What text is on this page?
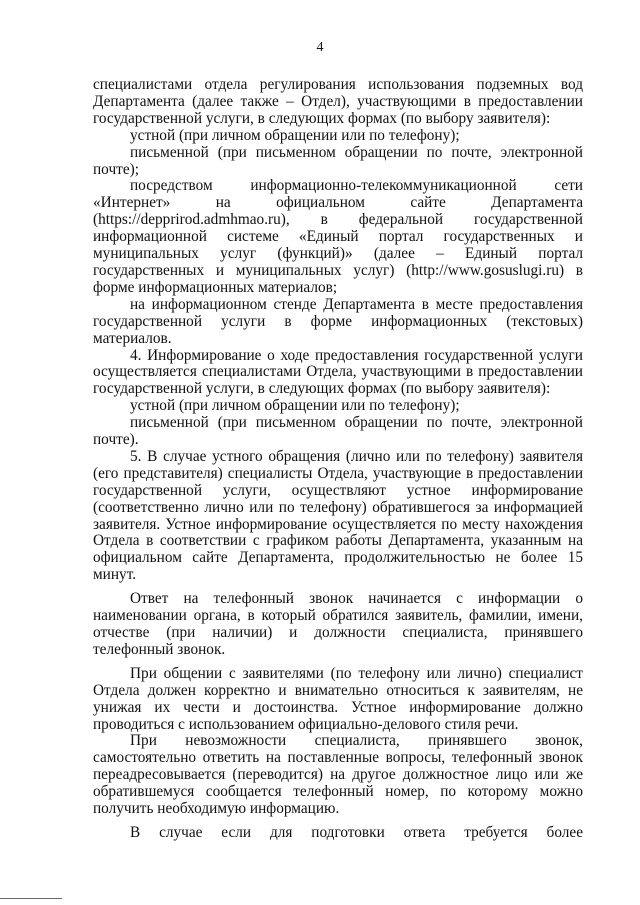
4

специалистами отдела регулирования использования подземных вод Департамента (далее также – Отдел), участвующими в предоставлении государственной услуги, в следующих формах (по выбору заявителя):

устной (при личном обращении или по телефону);

письменной (при письменном обращении по почте, электронной почте);

посредством информационно-телекоммуникационной сети «Интернет» на официальном сайте Департамента (https://depprirod.admhmao.ru), в федеральной государственной информационной системе «Единый портал государственных и муниципальных услуг (функций)» (далее – Единый портал государственных и муниципальных услуг) (http://www.gosuslugi.ru) в форме информационных материалов;

на информационном стенде Департамента в месте предоставления государственной услуги в форме информационных (текстовых) материалов.

4. Информирование о ходе предоставления государственной услуги осуществляется специалистами Отдела, участвующими в предоставлении государственной услуги, в следующих формах (по выбору заявителя):

устной (при личном обращении или по телефону);

письменной (при письменном обращении по почте, электронной почте).

5. В случае устного обращения (лично или по телефону) заявителя (его представителя) специалисты Отдела, участвующие в предоставлении государственной услуги, осуществляют устное информирование (соответственно лично или по телефону) обратившегося за информацией заявителя. Устное информирование осуществляется по месту нахождения Отдела в соответствии с графиком работы Департамента, указанным на официальном сайте Департамента, продолжительностью не более 15 минут.

Ответ на телефонный звонок начинается с информации о наименовании органа, в который обратился заявитель, фамилии, имени, отчестве (при наличии) и должности специалиста, принявшего телефонный звонок.

При общении с заявителями (по телефону или лично) специалист Отдела должен корректно и внимательно относиться к заявителям, не унижая их чести и достоинства. Устное информирование должно проводиться с использованием официально-делового стиля речи.

При невозможности специалиста, принявшего звонок, самостоятельно ответить на поставленные вопросы, телефонный звонок переадресовывается (переводится) на другое должностное лицо или же обратившемуся сообщается телефонный номер, по которому можно получить необходимую информацию.

В случае если для подготовки ответа требуется более
